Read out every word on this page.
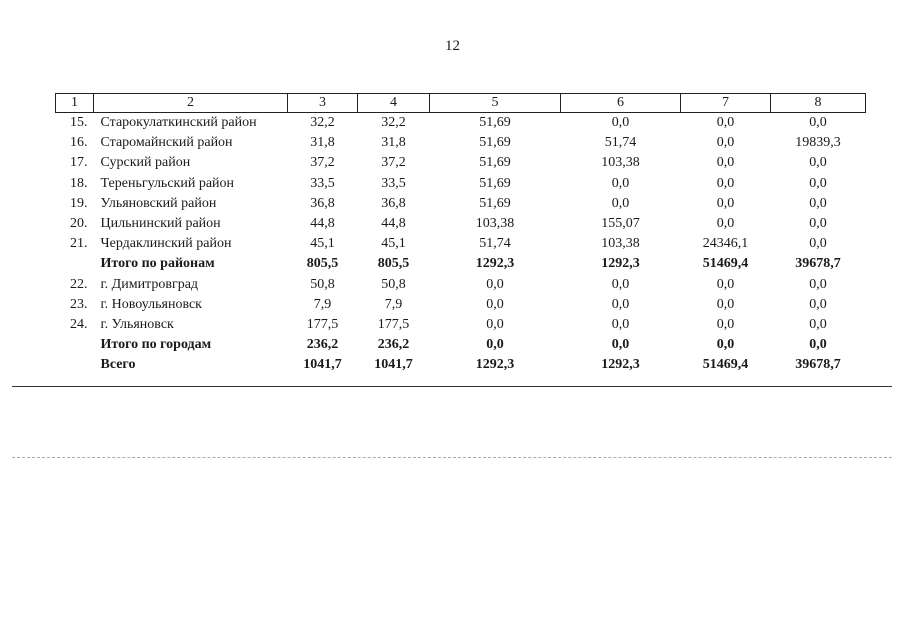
12
1	2	3	4	5	6	7	8
15.	Старокулаткинский район	32,2	32,2	51,69	0,0	0,0	0,0
16.	Старомайнский район	31,8	31,8	51,69	51,74	0,0	19839,3
17.	Сурский район	37,2	37,2	51,69	103,38	0,0	0,0
18.	Тереньгульский район	33,5	33,5	51,69	0,0	0,0	0,0
19.	Ульяновский район	36,8	36,8	51,69	0,0	0,0	0,0
20.	Цильнинский район	44,8	44,8	103,38	155,07	0,0	0,0
21.	Чердаклинский район	45,1	45,1	51,74	103,38	24346,1	0,0
	Итого по районам	805,5	805,5	1292,3	1292,3	51469,4	39678,7
22.	г. Димитровград	50,8	50,8	0,0	0,0	0,0	0,0
23.	г. Новоульяновск	7,9	7,9	0,0	0,0	0,0	0,0
24.	г. Ульяновск	177,5	177,5	0,0	0,0	0,0	0,0
	Итого по городам	236,2	236,2	0,0	0,0	0,0	0,0
	Всего	1041,7	1041,7	1292,3	1292,3	51469,4	39678,7
